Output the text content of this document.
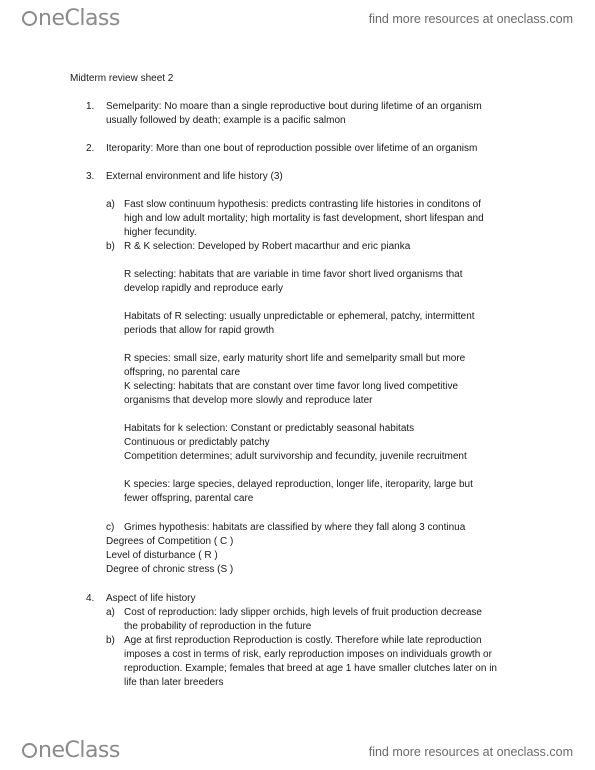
neClass	find more resources at oneclass.com
Midterm review sheet 2
1. Semelparity: No moare than a single reproductive bout during lifetime of an organism
usually followed by death; example is a pacific salmon
2. Iteroparity: More than one bout of reproduction possible over lifetime of an organism
3. External environment and life history (3)
a) Fast slow continuum hypothesis: predicts contrasting life histories in conditons of
high and low adult mortality; high mortality is fast development, short lifespan and
higher fecundity.
b) R & K selection: Developed by Robert macarthur and eric pianka
R selecting: habitats that are variable in time favor short lived organisms that
develop rapidly and reproduce early
Habitats of R selecting: usually unpredictable or ephemeral, patchy, intermittent
periods that allow for rapid growth
R species: small size, early maturity short life and semelparity small but more
offspring, no parental care
K selecting: habitats that are constant over time favor long lived competitive
organisms that develop more slowly and reproduce later
Habitats for k selection: Constant or predictably seasonal habitats
Continuous or predictably patchy
Competition determines; adult survivorship and fecundity, juvenile recruitment
K species: large species, delayed reproduction, longer life, iteroparity, large but
fewer offspring, parental care
c) Grimes hypothesis: habitats are classified by where they fall along 3 continua
Degrees of Competition ( C )
Level of disturbance ( R )
Degree of chronic stress (S )
4. Aspect of life history
a) Cost of reproduction: lady slipper orchids, high levels of fruit production decrease
the probability of reproduction in the future
b) Age at first reproduction Reproduction is costly. Therefore while late reproduction
imposes a cost in terms of risk, early reproduction imposes on individuals growth or
reproduction. Example; females that breed at age 1 have smaller clutches later on in
life than later breeders
neClass	find more resources at oneclass.com
